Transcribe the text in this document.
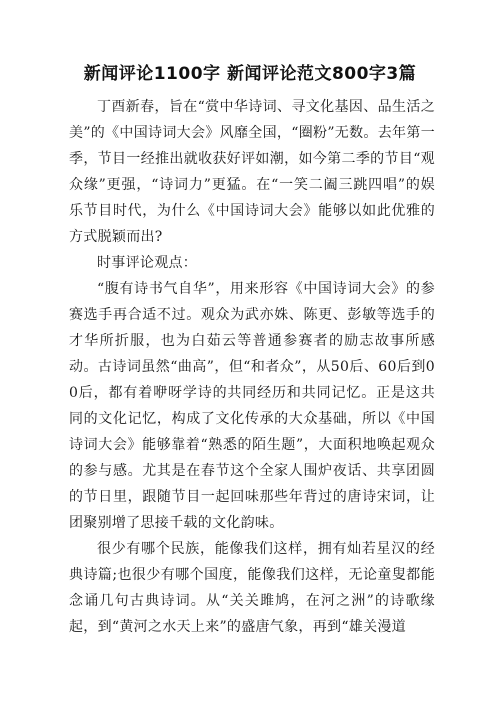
新闻评论1100字 新闻评论范文800字3篇

丁酉新春，旨在“赏中华诗词、寻文化基因、品生活之美”的《中国诗词大会》风靡全国，“圈粉”无数。去年第一季，节目一经推出就收获好评如潮，如今第二季的节目“观众缘”更强，“诗词力”更猛。在“一笑二阖三跳四唱”的娱乐节目时代，为什么《中国诗词大会》能够以如此优雅的方式脱颖而出?

时事评论观点：

“腹有诗书气自华”，用来形容《中国诗词大会》的参赛选手再合适不过。观众为武亦姝、陈更、彭敏等选手的才华所折服，也为白茹云等普通参赛者的励志故事所感动。古诗词虽然“曲高”，但“和者众”，从50后、60后到00后，都有着咿呀学诗的共同经历和共同记忆。正是这共同的文化记忆，构成了文化传承的大众基础，所以《中国诗词大会》能够靠着“熟悉的陌生题”，大面积地唤起观众的参与感。尤其是在春节这个全家人围炉夜话、共享团圆的节日里，跟随节目一起回味那些年背过的唐诗宋词，让团聚别增了思接千载的文化韵味。

很少有哪个民族，能像我们这样，拥有灿若星汉的经典诗篇;也很少有哪个国度，能像我们这样，无论童叟都能念诵几句古典诗词。从“关关雎鸠，在河之洲”的诗歌缘起，到“黄河之水天上来”的盛唐气象，再到“雄关漫道
